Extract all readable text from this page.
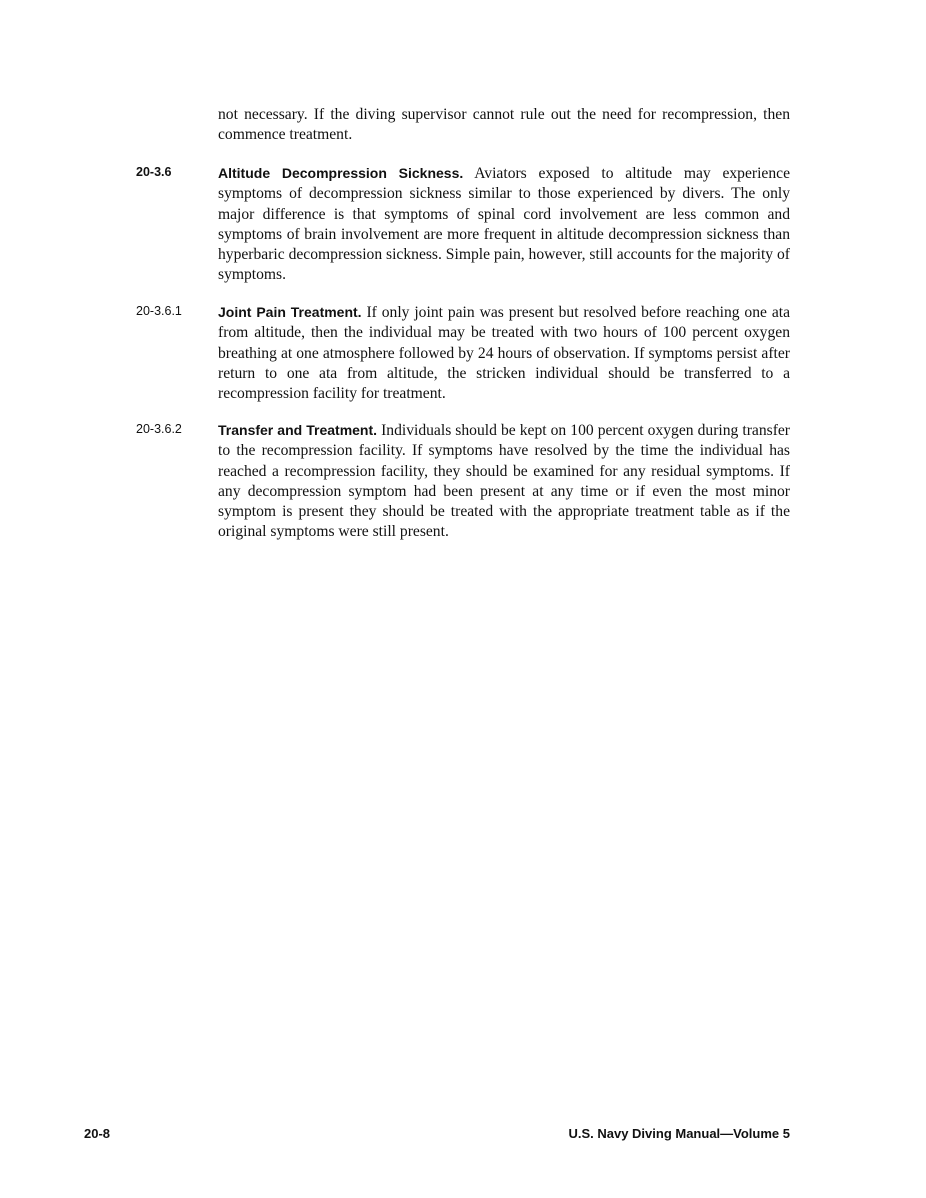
not necessary. If the diving supervisor cannot rule out the need for recompression, then commence treatment.

20-3.6	Altitude Decompression Sickness. Aviators exposed to altitude may experience symptoms of decompression sickness similar to those experienced by divers. The only major difference is that symptoms of spinal cord involvement are less common and symptoms of brain involvement are more frequent in altitude decompression sickness than hyperbaric decompression sickness. Simple pain, however, still accounts for the majority of symptoms.

20-3.6.1	Joint Pain Treatment. If only joint pain was present but resolved before reaching one ata from altitude, then the individual may be treated with two hours of 100 percent oxygen breathing at one atmosphere followed by 24 hours of observation. If symptoms persist after return to one ata from altitude, the stricken individual should be transferred to a recompression facility for treatment.

20-3.6.2	Transfer and Treatment. Individuals should be kept on 100 percent oxygen during transfer to the recompression facility. If symptoms have resolved by the time the individual has reached a recompression facility, they should be examined for any residual symptoms. If any decompression symptom had been present at any time or if even the most minor symptom is present they should be treated with the appropriate treatment table as if the original symptoms were still present.

20-8	U.S. Navy Diving Manual—Volume 5
